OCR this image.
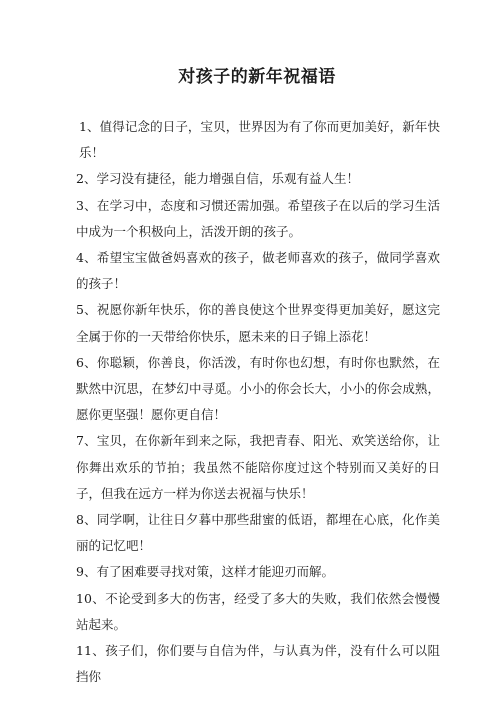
对孩子的新年祝福语
1、值得记念的日子，宝贝，世界因为有了你而更加美好，新年快乐！
2、学习没有捷径，能力增强自信，乐观有益人生！
3、在学习中，态度和习惯还需加强。希望孩子在以后的学习生活中成为一个积极向上，活泼开朗的孩子。
4、希望宝宝做爸妈喜欢的孩子，做老师喜欢的孩子，做同学喜欢的孩子！
5、祝愿你新年快乐，你的善良使这个世界变得更加美好，愿这完全属于你的一天带给你快乐，愿未来的日子锦上添花！
6、你聪颖，你善良，你活泼，有时你也幻想，有时你也默然，在默然中沉思，在梦幻中寻觅。小小的你会长大，小小的你会成熟，愿你更坚强！愿你更自信！
7、宝贝，在你新年到来之际，我把青春、阳光、欢笑送给你，让你舞出欢乐的节拍；我虽然不能陪你度过这个特别而又美好的日子，但我在远方一样为你送去祝福与快乐！
8、同学啊，让往日夕暮中那些甜蜜的低语，都埋在心底，化作美丽的记忆吧！
9、有了困难要寻找对策，这样才能迎刃而解。
10、不论受到多大的伤害，经受了多大的失败，我们依然会慢慢站起来。
11、孩子们，你们要与自信为伴，与认真为伴，没有什么可以阻挡你
